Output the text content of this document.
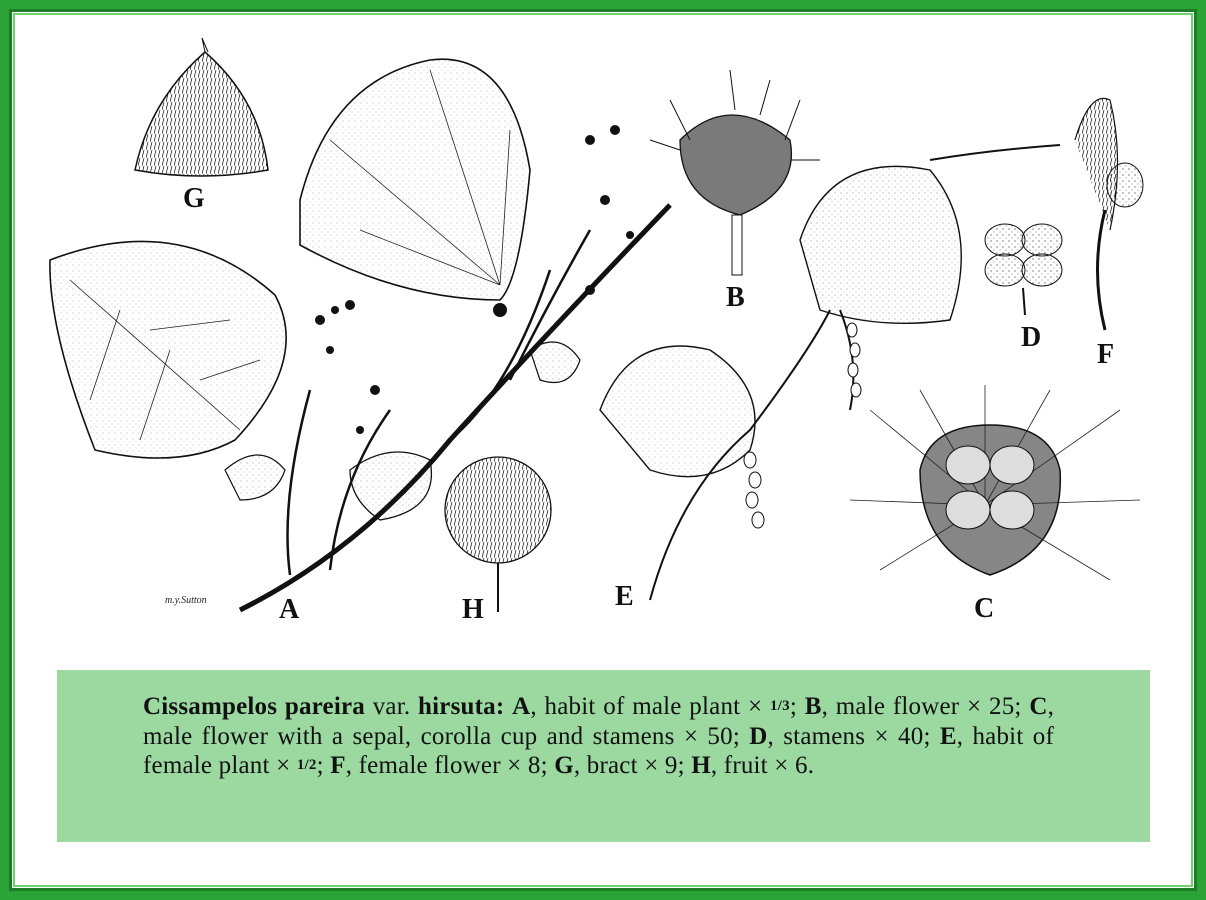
G
A	H
B
E
D
F
C
m.y.Sutton
Cissampelos pareira var. hirsuta: A, habit of male plant × 1/3; B, male flower × 25; C, male flower with a sepal, corolla cup and stamens × 50; D, stamens × 40; E, habit of female plant × 1/2; F, female flower × 8; G, bract × 9; H, fruit × 6.
